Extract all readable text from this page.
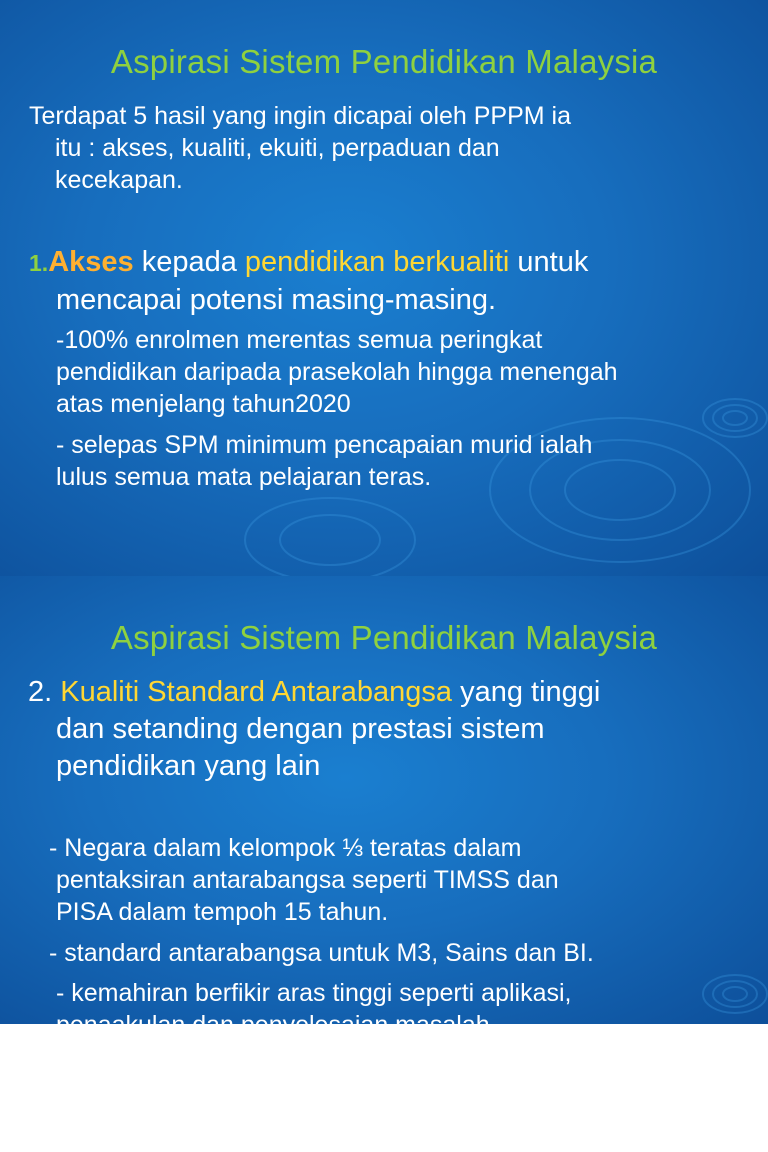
Aspirasi Sistem Pendidikan Malaysia
Terdapat 5 hasil yang ingin dicapai oleh PPPM ia
itu : akses, kualiti, ekuiti, perpaduan dan
kecekapan.
1.Akses kepada pendidikan berkualiti untuk
mencapai potensi masing-masing.
-100% enrolmen merentas semua peringkat
pendidikan daripada prasekolah hingga menengah
atas menjelang tahun2020
- selepas SPM minimum pencapaian murid ialah
lulus semua mata pelajaran teras.
Aspirasi Sistem Pendidikan Malaysia
2. Kualiti Standard Antarabangsa yang tinggi
dan setanding dengan prestasi sistem
pendidikan yang lain
- Negara dalam kelompok ⅓ teratas dalam
pentaksiran antarabangsa seperti TIMSS dan
PISA dalam tempoh 15 tahun.
- standard antarabangsa untuk M3, Sains dan BI.
- kemahiran berfikir aras tinggi seperti aplikasi,
penaakulan dan penyelesaian masalah
